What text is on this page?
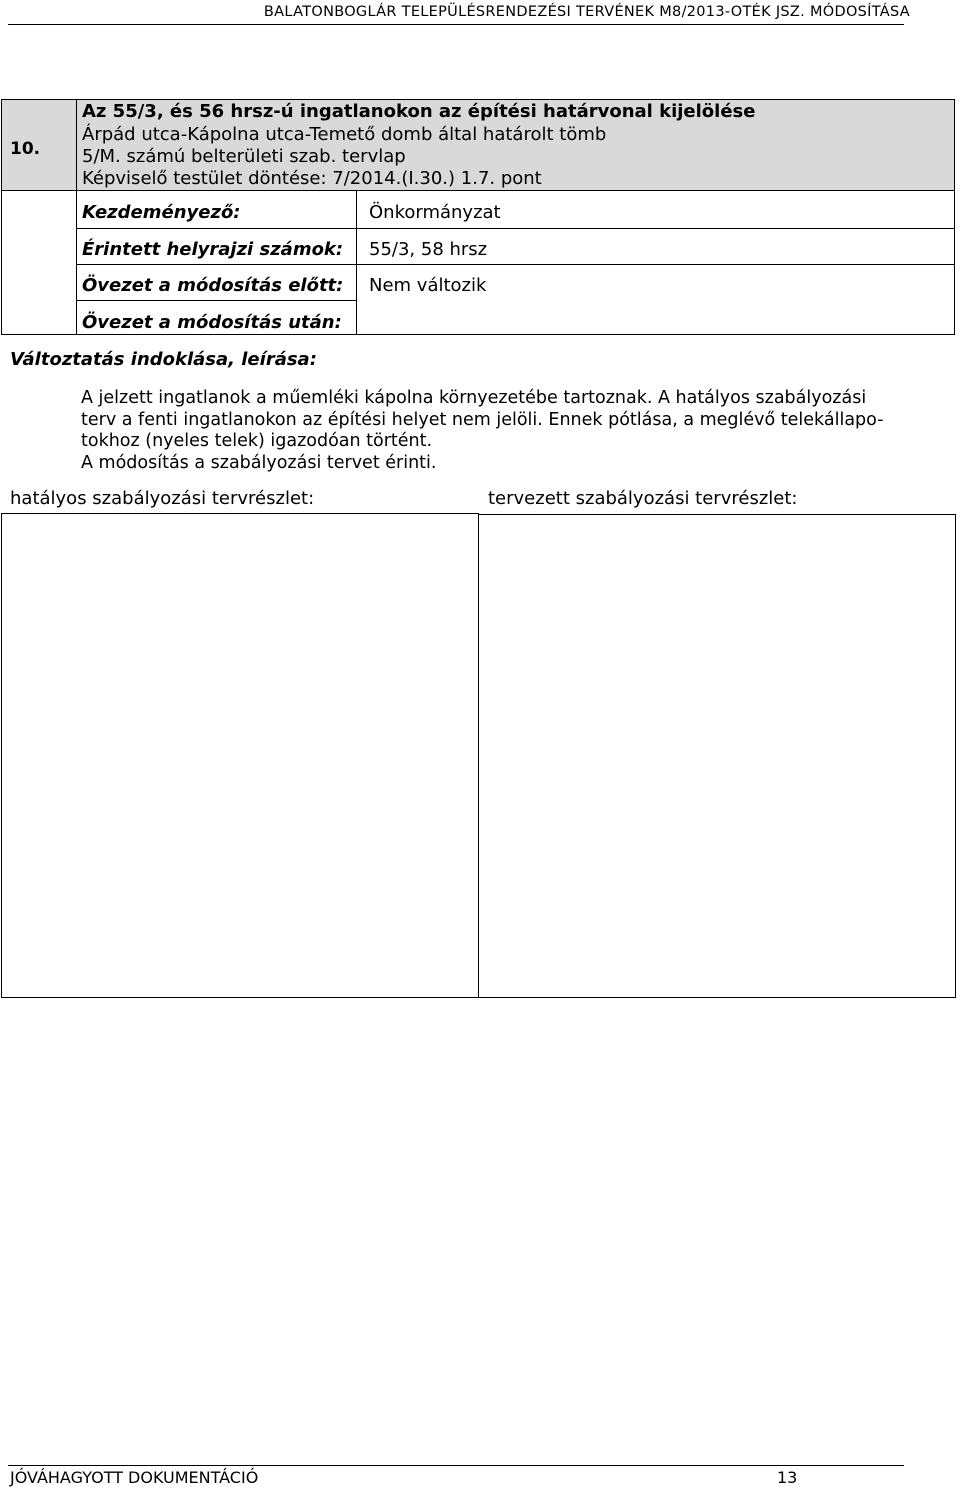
BALATONBOGLÁR TELEPÜLÉSRENDEZÉSI TERVÉNEK M8/2013-OTÉK JSZ. MÓDOSÍTÁSA
10.
Az 55/3, és 56 hrsz-ú ingatlanokon az építési határvonal kijelölése
Árpád utca-Kápolna utca-Temető domb által határolt tömb
5/M. számú belterületi szab. tervlap
Képviselő testület döntése: 7/2014.(I.30.) 1.7. pont
Kezdeményező:	Önkormányzat
Érintett helyrajzi számok: 55/3, 58 hrsz
Övezet a módosítás előtt: Nem változik
Övezet a módosítás után:
Változtatás indoklása, leírása:

A jelzett ingatlanok a műemléki kápolna környezetébe tartoznak. A hatályos szabályozási

terv a fenti ingatlanokon az építési helyet nem jelöli. Ennek pótlása, a meglévő telekállapo-

tokhoz (nyeles telek) igazodóan történt.

A módosítás a szabályozási tervet érinti.

hatályos szabályozási tervrészlet:	tervezett szabályozási tervrészlet:
JÓVÁHAGYOTT DOKUMENTÁCIÓ	13
